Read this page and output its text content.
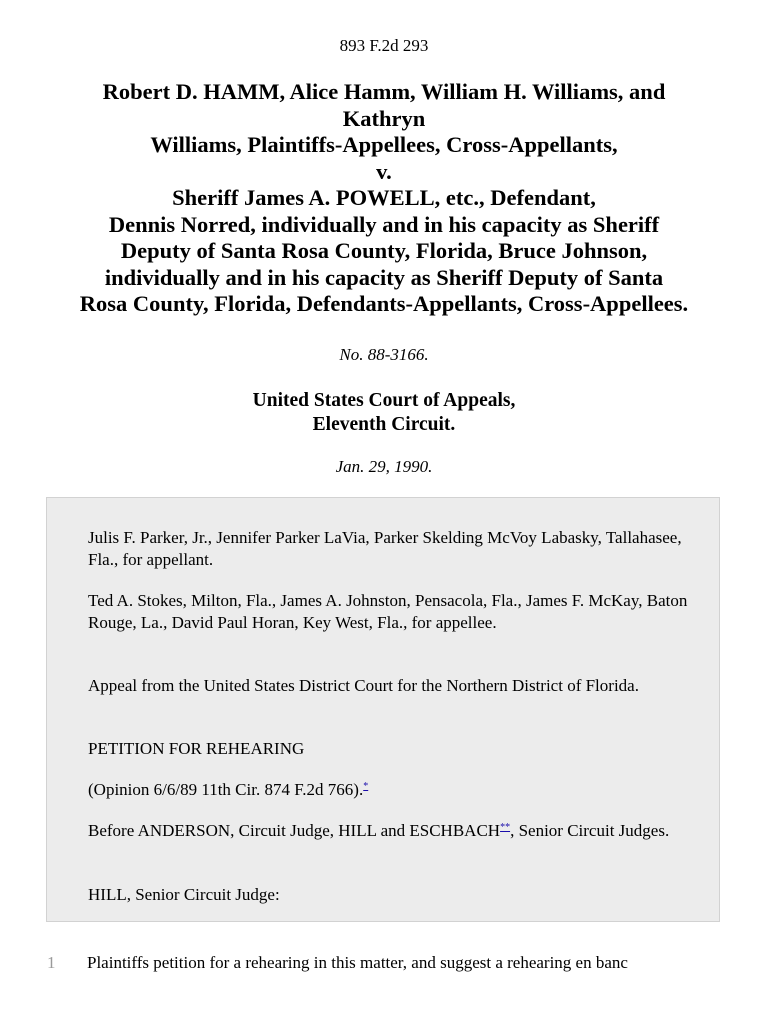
893 F.2d 293
Robert D. HAMM, Alice Hamm, William H. Williams, and
Kathryn
Williams, Plaintiffs-Appellees, Cross-Appellants,
v.
Sheriff James A. POWELL, etc., Defendant,
Dennis Norred, individually and in his capacity as Sheriff
Deputy of Santa Rosa County, Florida, Bruce Johnson,
individually and in his capacity as Sheriff Deputy of Santa
Rosa County, Florida, Defendants-Appellants, Cross-Appellees.
No. 88-3166.
United States Court of Appeals,
Eleventh Circuit.
Jan. 29, 1990.

Julis F. Parker, Jr., Jennifer Parker LaVia, Parker Skelding McVoy Labasky, Tallahasee, Fla., for appellant.

Ted A. Stokes, Milton, Fla., James A. Johnston, Pensacola, Fla., James F. McKay, Baton Rouge, La., David Paul Horan, Key West, Fla., for appellee.

Appeal from the United States District Court for the Northern District of Florida.

PETITION FOR REHEARING

(Opinion 6/6/89 11th Cir. 874 F.2d 766).*

Before ANDERSON, Circuit Judge, HILL and ESCHBACH**, Senior Circuit Judges.

HILL, Senior Circuit Judge:

1 Plaintiffs petition for a rehearing in this matter, and suggest a rehearing en banc
